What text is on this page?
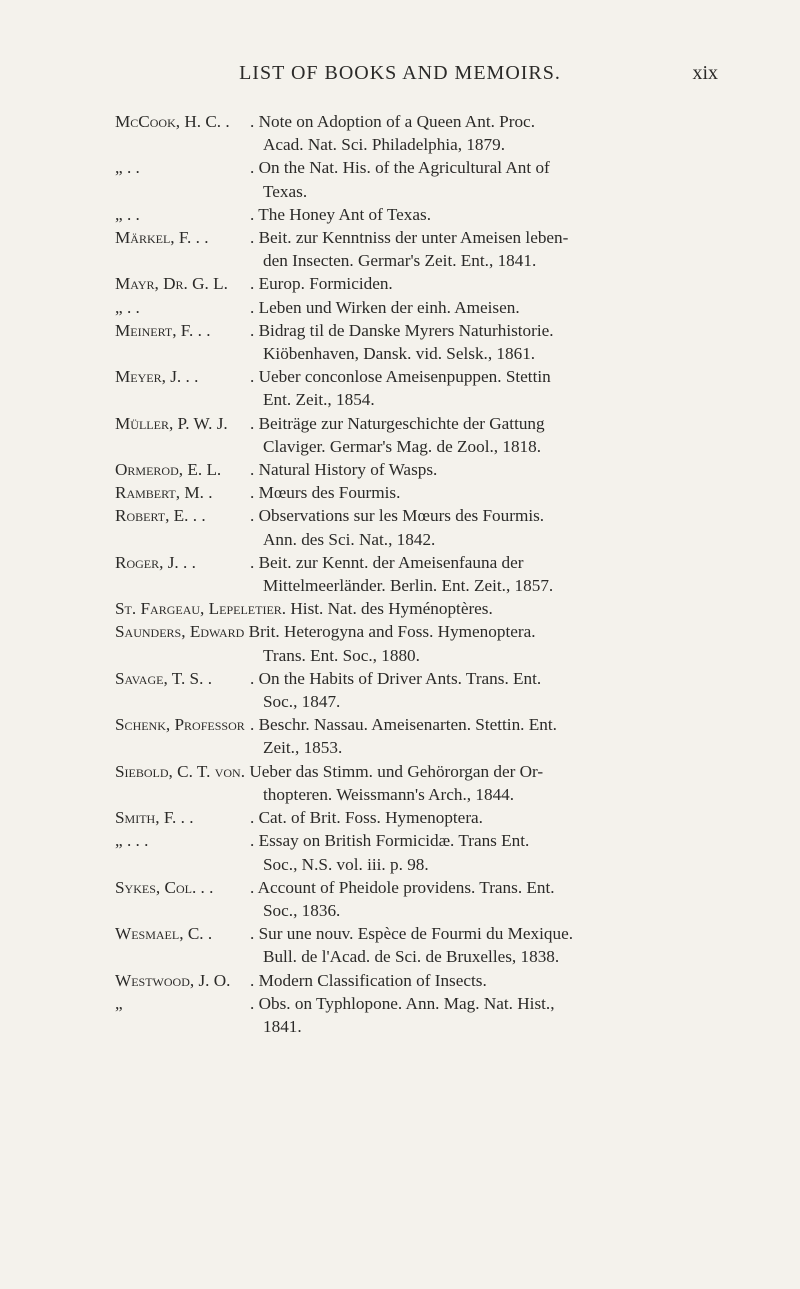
LIST OF BOOKS AND MEMOIRS.	xix
McCook, H. C. .	. Note on Adoption of a Queen Ant. Proc.
Acad. Nat. Sci. Philadelphia, 1879.
„ . .	. On the Nat. His. of the Agricultural Ant of
Texas.
„ . .	. The Honey Ant of Texas.
Märkel, F. . .	. Beit. zur Kenntniss der unter Ameisen leben-
den Insecten. Germar's Zeit. Ent., 1841.
Mayr, Dr. G. L.	. Europ. Formiciden.
„ . .	. Leben und Wirken der einh. Ameisen.
Meinert, F. . .	. Bidrag til de Danske Myrers Naturhistorie.
Kiöbenhaven, Dansk. vid. Selsk., 1861.
Meyer, J. . .	. Ueber conconlose Ameisenpuppen. Stettin
Ent. Zeit., 1854.
Müller, P. W. J.	. Beiträge zur Naturgeschichte der Gattung
Claviger. Germar's Mag. de Zool., 1818.
Ormerod, E. L.	. Natural History of Wasps.
Rambert, M. .	. Mœurs des Fourmis.
Robert, E. . .	. Observations sur les Mœurs des Fourmis.
Ann. des Sci. Nat., 1842.
Roger, J. . .	. Beit. zur Kennt. der Ameisenfauna der
Mittelmeerländer. Berlin. Ent. Zeit., 1857.
St. Fargeau, Lepeletier. Hist. Nat. des Hyménoptères.
Saunders, Edward Brit. Heterogyna and Foss. Hymenoptera.
Trans. Ent. Soc., 1880.
Savage, T. S. .	. On the Habits of Driver Ants. Trans. Ent.
Soc., 1847.
Schenk, Professor . Beschr. Nassau. Ameisenarten. Stettin. Ent.
Zeit., 1853.
Siebold, C. T. von. Ueber das Stimm. und Gehörorgan der Or-
thopteren. Weissmann's Arch., 1844.
Smith, F. . .	. Cat. of Brit. Foss. Hymenoptera.
„ . . .	. Essay on British Formicidæ. Trans Ent.
Soc., N.S. vol. iii. p. 98.
Sykes, Col. . .	. Account of Pheidole providens. Trans. Ent.
Soc., 1836.
Wesmael, C. .	. Sur une nouv. Espèce de Fourmi du Mexique.
Bull. de l'Acad. de Sci. de Bruxelles, 1838.
Westwood, J. O.	. Modern Classification of Insects.
„	. Obs. on Typhlopone. Ann. Mag. Nat. Hist.,
1841.
